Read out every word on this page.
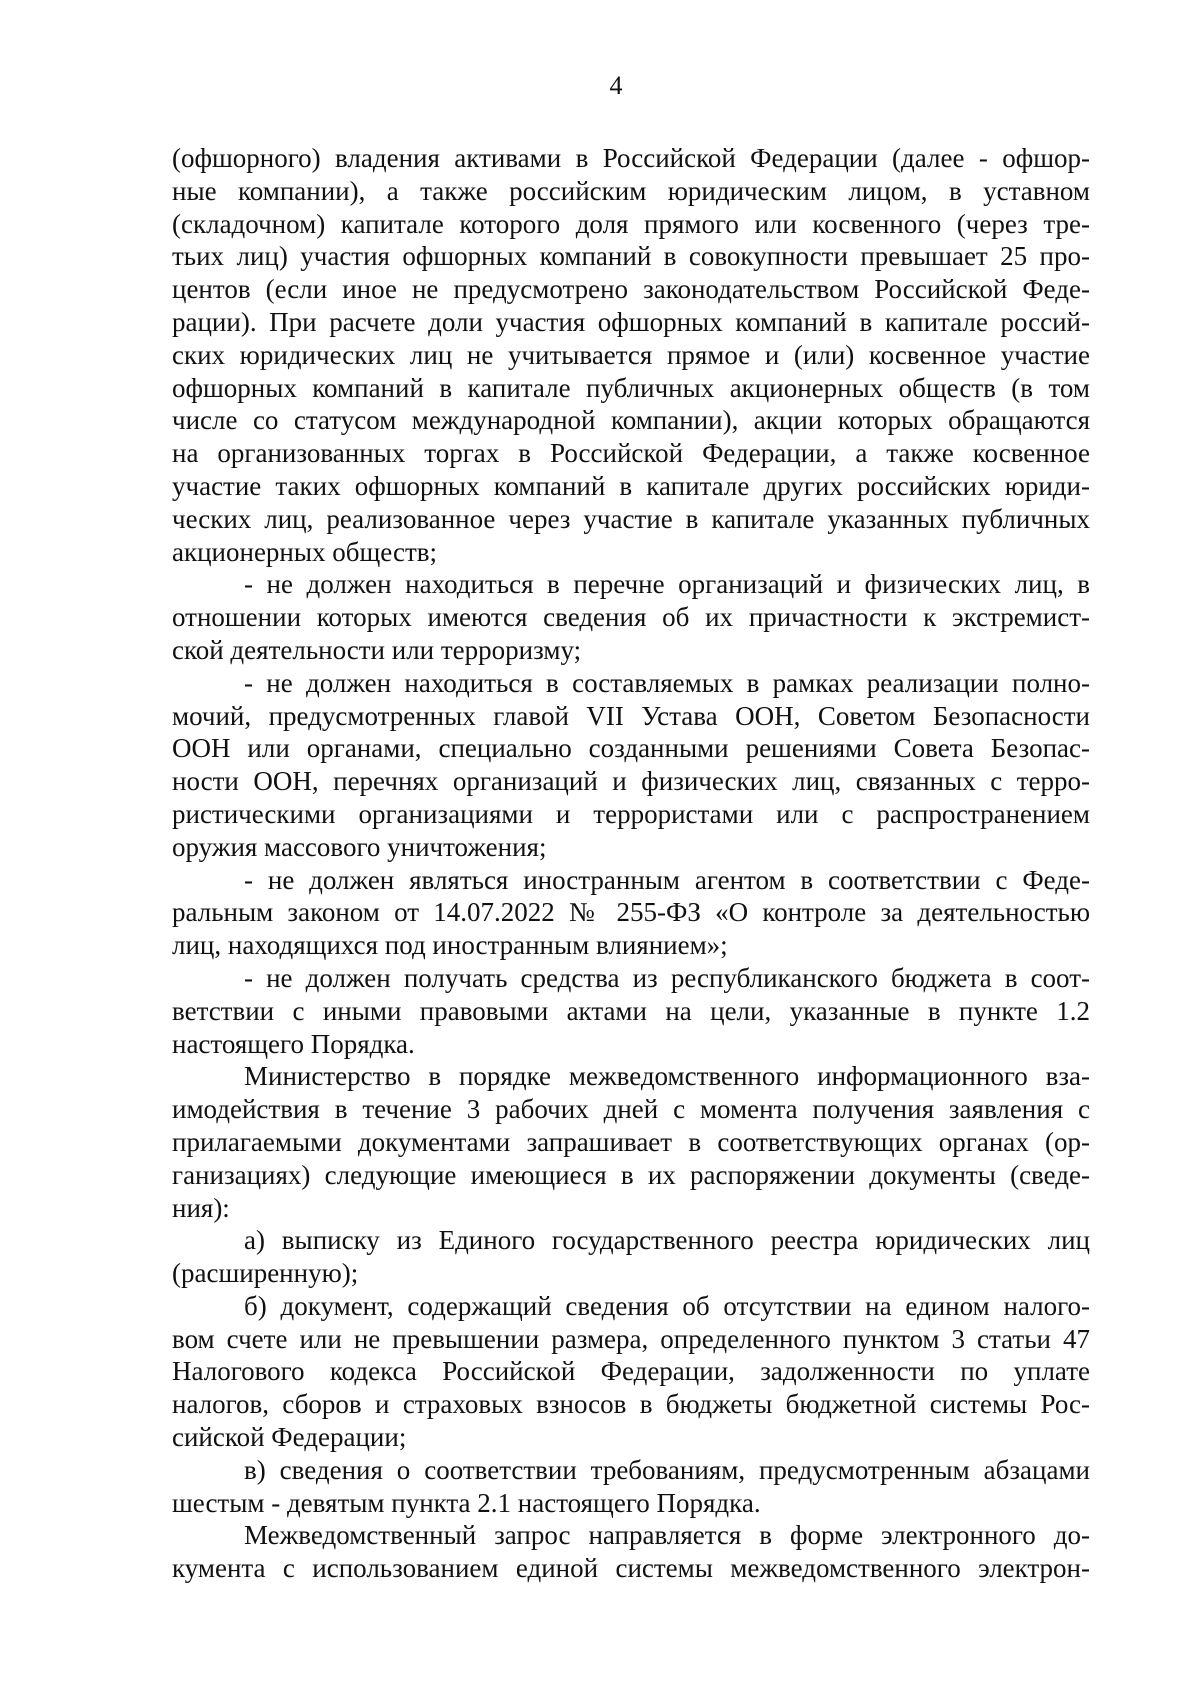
4
(офшорного) владения активами в Российской Федерации (далее - офшор-
ные компании), а также российским юридическим лицом, в уставном
(складочном) капитале которого доля прямого или косвенного (через тре-
тьих лиц) участия офшорных компаний в совокупности превышает 25 про-
центов (если иное не предусмотрено законодательством Российской Феде-
рации). При расчете доли участия офшорных компаний в капитале россий-
ских юридических лиц не учитывается прямое и (или) косвенное участие
офшорных компаний в капитале публичных акционерных обществ (в том
числе со статусом международной компании), акции которых обращаются
на организованных торгах в Российской Федерации, а также косвенное
участие таких офшорных компаний в капитале других российских юриди-
ческих лиц, реализованное через участие в капитале указанных публичных
акционерных обществ;
- не должен находиться в перечне организаций и физических лиц, в
отношении которых имеются сведения об их причастности к экстремист-
ской деятельности или терроризму;
- не должен находиться в составляемых в рамках реализации полно-
мочий, предусмотренных главой VII Устава ООН, Советом Безопасности
ООН или органами, специально созданными решениями Совета Безопас-
ности ООН, перечнях организаций и физических лиц, связанных с терро-
ристическими организациями и террористами или с распространением
оружия массового уничтожения;
- не должен являться иностранным агентом в соответствии с Феде-
ральным законом от 14.07.2022 № 255-ФЗ «О контроле за деятельностью
лиц, находящихся под иностранным влиянием»;
- не должен получать средства из республиканского бюджета в соот-
ветствии с иными правовыми актами на цели, указанные в пункте 1.2
настоящего Порядка.
Министерство в порядке межведомственного информационного вза-
имодействия в течение 3 рабочих дней с момента получения заявления с
прилагаемыми документами запрашивает в соответствующих органах (ор-
ганизациях) следующие имеющиеся в их распоряжении документы (сведе-
ния):
а) выписку из Единого государственного реестра юридических лиц
(расширенную);
б) документ, содержащий сведения об отсутствии на едином налого-
вом счете или не превышении размера, определенного пунктом 3 статьи 47
Налогового кодекса Российской Федерации, задолженности по уплате
налогов, сборов и страховых взносов в бюджеты бюджетной системы Рос-
сийской Федерации;
в) сведения о соответствии требованиям, предусмотренным абзацами
шестым - девятым пункта 2.1 настоящего Порядка.
Межведомственный запрос направляется в форме электронного до-
кумента с использованием единой системы межведомственного электрон-
